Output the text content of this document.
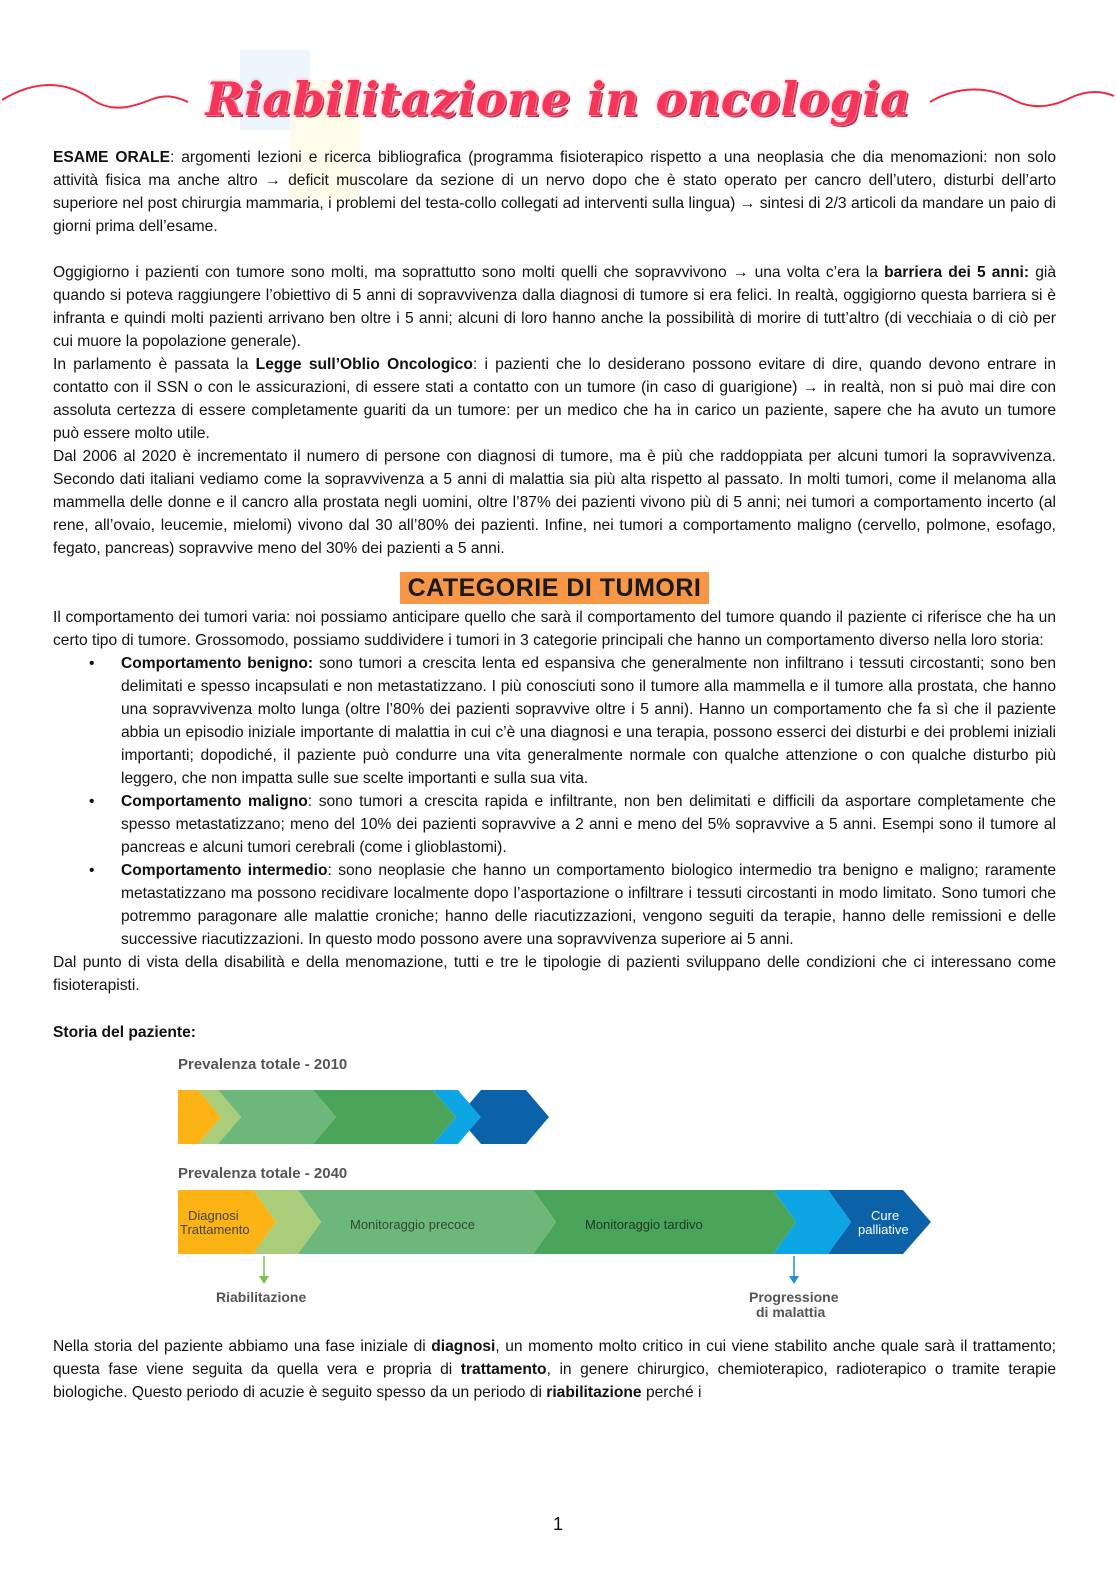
Riabilitazione in oncologia

ESAME ORALE: argomenti lezioni e ricerca bibliografica (programma fisioterapico rispetto a una neoplasia che dia menomazioni: non solo attività fisica ma anche altro → deficit muscolare da sezione di un nervo dopo che è stato operato per cancro dell’utero, disturbi dell’arto superiore nel post chirurgia mammaria, i problemi del testa-collo collegati ad interventi sulla lingua) → sintesi di 2/3 articoli da mandare un paio di giorni prima dell’esame.

Oggigiorno i pazienti con tumore sono molti, ma soprattutto sono molti quelli che sopravvivono → una volta c’era la barriera dei 5 anni: già quando si poteva raggiungere l’obiettivo di 5 anni di sopravvivenza dalla diagnosi di tumore si era felici. In realtà, oggigiorno questa barriera si è infranta e quindi molti pazienti arrivano ben oltre i 5 anni; alcuni di loro hanno anche la possibilità di morire di tutt’altro (di vecchiaia o di ciò per cui muore la popolazione generale).

In parlamento è passata la Legge sull’Oblio Oncologico: i pazienti che lo desiderano possono evitare di dire, quando devono entrare in contatto con il SSN o con le assicurazioni, di essere stati a contatto con un tumore (in caso di guarigione) → in realtà, non si può mai dire con assoluta certezza di essere completamente guariti da un tumore: per un medico che ha in carico un paziente, sapere che ha avuto un tumore può essere molto utile.

Dal 2006 al 2020 è incrementato il numero di persone con diagnosi di tumore, ma è più che raddoppiata per alcuni tumori la sopravvivenza. Secondo dati italiani vediamo come la sopravvivenza a 5 anni di malattia sia più alta rispetto al passato. In molti tumori, come il melanoma alla mammella delle donne e il cancro alla prostata negli uomini, oltre l’87% dei pazienti vivono più di 5 anni; nei tumori a comportamento incerto (al rene, all’ovaio, leucemie, mielomi) vivono dal 30 all’80% dei pazienti. Infine, nei tumori a comportamento maligno (cervello, polmone, esofago, fegato, pancreas) sopravvive meno del 30% dei pazienti a 5 anni.

CATEGORIE DI TUMORI

Il comportamento dei tumori varia: noi possiamo anticipare quello che sarà il comportamento del tumore quando il paziente ci riferisce che ha un certo tipo di tumore. Grossomodo, possiamo suddividere i tumori in 3 categorie principali che hanno un comportamento diverso nella loro storia:

• Comportamento benigno: sono tumori a crescita lenta ed espansiva che generalmente non infiltrano i tessuti circostanti; sono ben delimitati e spesso incapsulati e non metastatizzano. I più conosciuti sono il tumore alla mammella e il tumore alla prostata, che hanno una sopravvivenza molto lunga (oltre l’80% dei pazienti sopravvive oltre i 5 anni). Hanno un comportamento che fa sì che il paziente abbia un episodio iniziale importante di malattia in cui c’è una diagnosi e una terapia, possono esserci dei disturbi e dei problemi iniziali importanti; dopodiché, il paziente può condurre una vita generalmente normale con qualche attenzione o con qualche disturbo più leggero, che non impatta sulle sue scelte importanti e sulla sua vita.
• Comportamento maligno: sono tumori a crescita rapida e infiltrante, non ben delimitati e difficili da asportare completamente che spesso metastatizzano; meno del 10% dei pazienti sopravvive a 2 anni e meno del 5% sopravvive a 5 anni. Esempi sono il tumore al pancreas e alcuni tumori cerebrali (come i glioblastomi).
• Comportamento intermedio: sono neoplasie che hanno un comportamento biologico intermedio tra benigno e maligno; raramente metastatizzano ma possono recidivare localmente dopo l’asportazione o infiltrare i tessuti circostanti in modo limitato. Sono tumori che potremmo paragonare alle malattie croniche; hanno delle riacutizzazioni, vengono seguiti da terapie, hanno delle remissioni e delle successive riacutizzazioni. In questo modo possono avere una sopravvivenza superiore ai 5 anni.

Dal punto di vista della disabilità e della menomazione, tutti e tre le tipologie di pazienti sviluppano delle condizioni che ci interessano come fisioterapisti.

Storia del paziente:

Prevalenza totale - 2010
Prevalenza totale - 2040
Diagnosi
Trattamento	Monitoraggio precoce	Monitoraggio tardivo
Cure
palliative
Riabilitazione	Progressione
di malattia

Nella storia del paziente abbiamo una fase iniziale di diagnosi, un momento molto critico in cui viene stabilito anche quale sarà il trattamento; questa fase viene seguita da quella vera e propria di trattamento, in genere chirurgico, chemioterapico, radioterapico o tramite terapie biologiche. Questo periodo di acuzie è seguito spesso da un periodo di riabilitazione perché i

1
